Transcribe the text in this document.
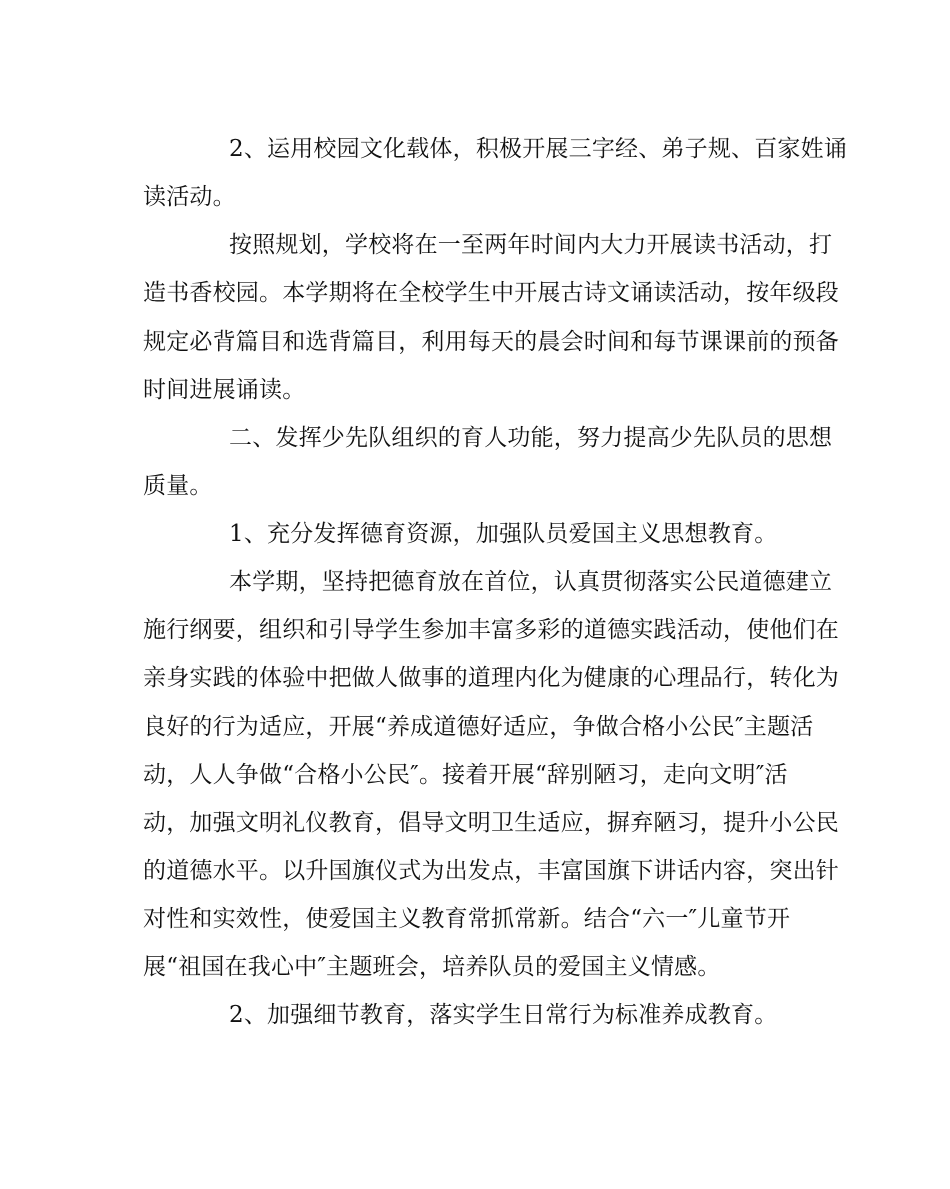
2、运用校园文化载体，积极开展三字经、弟子规、百家姓诵
读活动。
按照规划，学校将在一至两年时间内大力开展读书活动，打
造书香校园。本学期将在全校学生中开展古诗文诵读活动，按年级段
规定必背篇目和选背篇目，利用每天的晨会时间和每节课课前的预备
时间进展诵读。
二、发挥少先队组织的育人功能，努力提高少先队员的思想
质量。
1、充分发挥德育资源，加强队员爱国主义思想教育。
本学期，坚持把德育放在首位，认真贯彻落实公民道德建立
施行纲要，组织和引导学生参加丰富多彩的道德实践活动，使他们在
亲身实践的体验中把做人做事的道理内化为健康的心理品行，转化为
良好的行为适应，开展“养成道德好适应，争做合格小公民″主题活
动，人人争做“合格小公民″。接着开展“辞别陋习，走向文明″活
动，加强文明礼仪教育，倡导文明卫生适应，摒弃陋习，提升小公民
的道德水平。以升国旗仪式为出发点，丰富国旗下讲话内容，突出针
对性和实效性，使爱国主义教育常抓常新。结合“六一″儿童节开
展“祖国在我心中″主题班会，培养队员的爱国主义情感。
2、加强细节教育，落实学生日常行为标准养成教育。
